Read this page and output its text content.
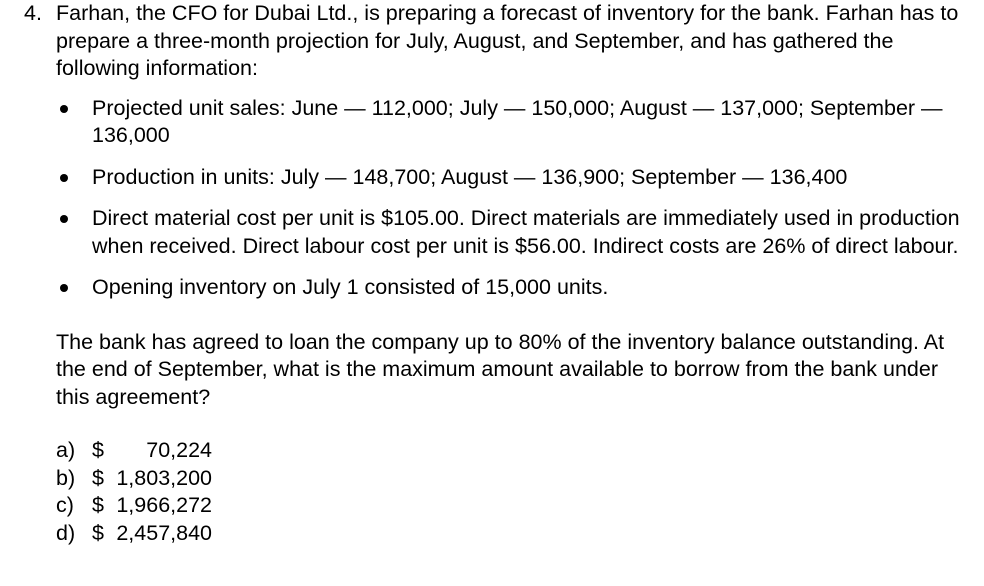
4. Farhan, the CFO for Dubai Ltd., is preparing a forecast of inventory for the bank. Farhan has to prepare a three-month projection for July, August, and September, and has gathered the following information:

Projected unit sales: June — 112,000; July — 150,000; August — 137,000; September — 136,000
Production in units: July — 148,700; August — 136,900; September — 136,400
Direct material cost per unit is $105.00. Direct materials are immediately used in production when received. Direct labour cost per unit is $56.00. Indirect costs are 26% of direct labour.
Opening inventory on July 1 consisted of 15,000 units.

The bank has agreed to loan the company up to 80% of the inventory balance outstanding. At the end of September, what is the maximum amount available to borrow from the bank under this agreement?

a) $	70,224
b) $ 1,803,200
c) $ 1,966,272
d) $ 2,457,840
